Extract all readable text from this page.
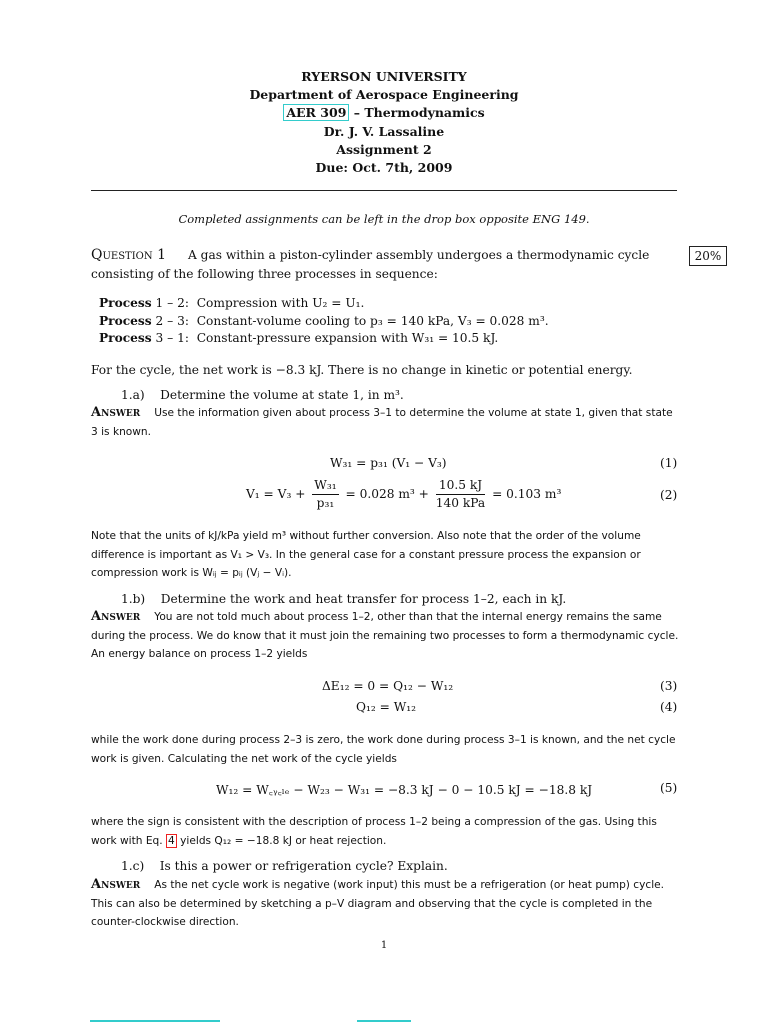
RYERSON UNIVERSITY
Department of Aerospace Engineering
AER 309 – Thermodynamics
Dr. J. V. Lassaline
Assignment 2
Due: Oct. 7th, 2009
Completed assignments can be left in the drop box opposite ENG 149.
Question 1 A gas within a piston-cylinder assembly undergoes a thermodynamic cycle consisting of the following three processes in sequence:
20%
Process 1 – 2: Compression with U₂ = U₁.
Process 2 – 3: Constant-volume cooling to p₃ = 140 kPa, V₃ = 0.028 m³.
Process 3 – 1: Constant-pressure expansion with W₃₁ = 10.5 kJ.
For the cycle, the net work is −8.3 kJ. There is no change in kinetic or potential energy.
1.a) Determine the volume at state 1, in m³.
Answer Use the information given about process 3–1 to determine the volume at state 1, given that state 3 is known.
W₃₁ = p₃₁ (V₁ − V₃)	(1)
$V_1 = V_3 + \frac{\text{W₃₁}}{\text{p₃₁}} = 0.028$ $m^3 + \frac{10.5 kJ}{\text{140 kPa}} = 0.103$ m³	(2)
Note that the units of kJ/kPa yield m³ without further conversion. Also note that the order of the volume difference is important as V₁ > V₃. In the general case for a constant pressure process the expansion or compression work is Wᵢⱼ = pᵢⱼ (Vⱼ − Vᵢ).
1.b) Determine the work and heat transfer for process 1–2, each in kJ.
Answer You are not told much about process 1–2, other than that the internal energy remains the same during the process. We do know that it must join the remaining two processes to form a thermodynamic cycle. An energy balance on process 1–2 yields
ΔE₁₂ = 0 = Q₁₂ − W₁₂	(3)
Q₁₂ = W₁₂	(4)
while the work done during process 2–3 is zero, the work done during process 3–1 is known, and the net cycle work is given. Calculating the net work of the cycle yields
W₁₂ = W꜀ᵧ꜀ₗₑ − W₂₃ − W₃₁ = −8.3 kJ − 0 − 10.5 kJ = −18.8 kJ	(5)
where the sign is consistent with the description of process 1–2 being a compression of the gas. Using this work with Eq. 4 yields Q₁₂ = −18.8 kJ or heat rejection.
1.c) Is this a power or refrigeration cycle? Explain.
Answer As the net cycle work is negative (work input) this must be a refrigeration (or heat pump) cycle. This can also be determined by sketching a p–V diagram and observing that the cycle is completed in the counter-clockwise direction.
1
